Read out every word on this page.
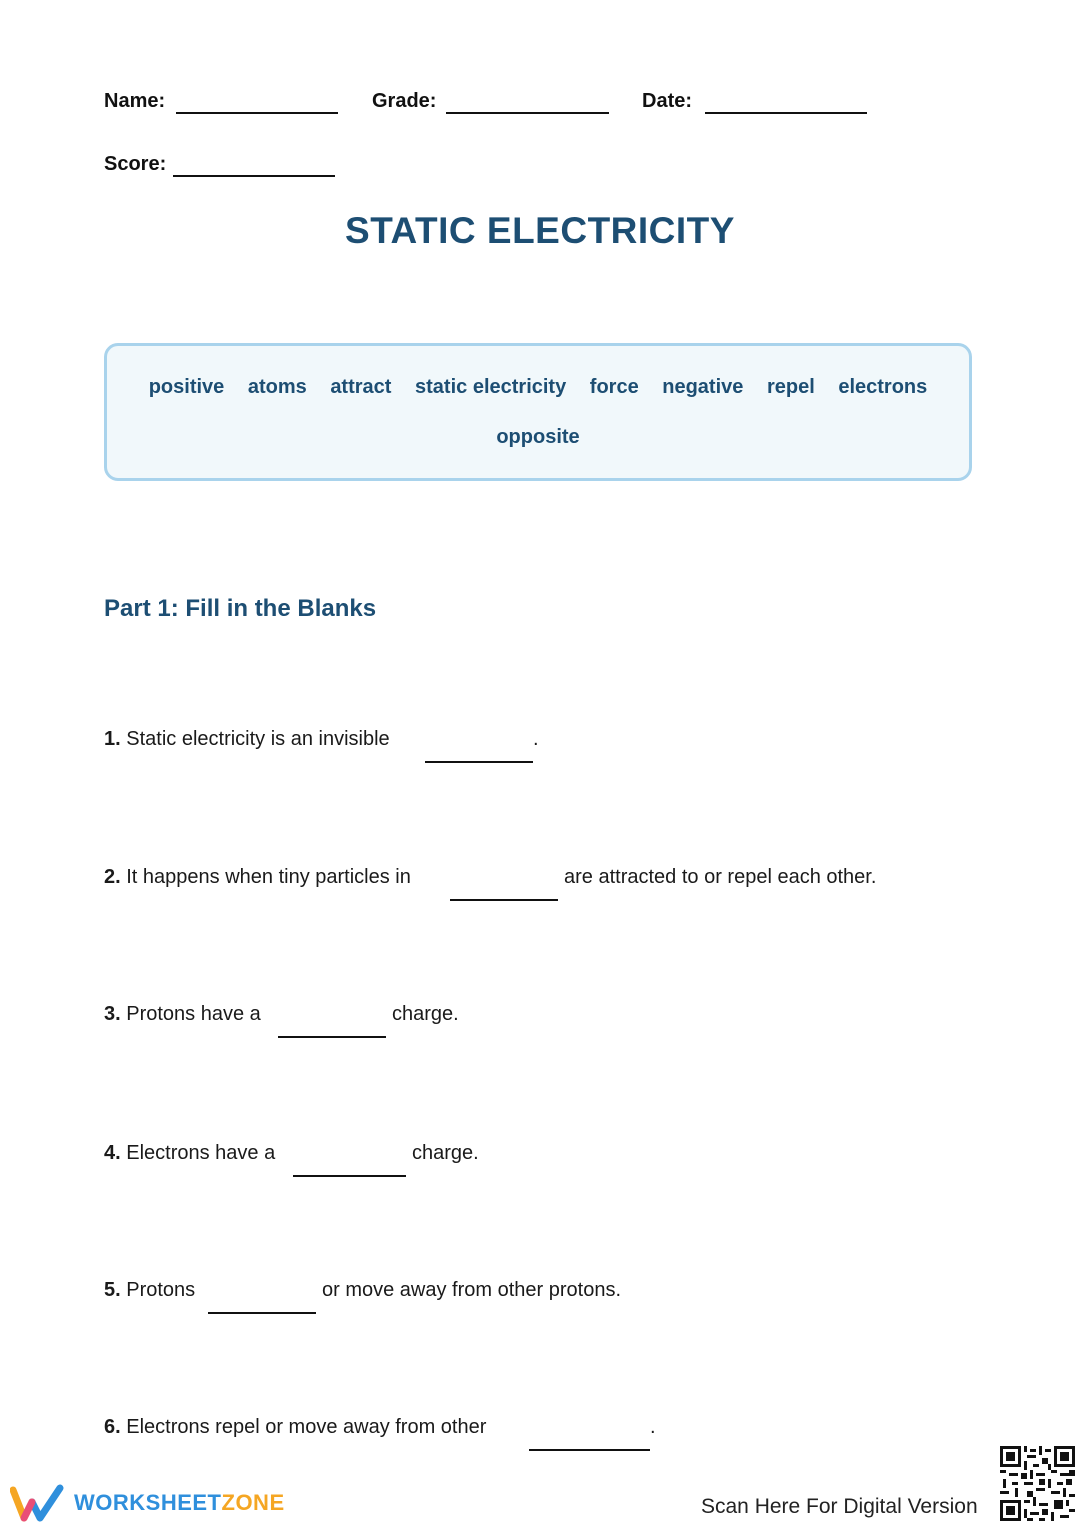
Name:	Grade:	Date:
Score:
STATIC ELECTRICITY
positive atoms attract static electricity force negative repel electrons
opposite
Part 1: Fill in the Blanks
1. Static electricity is an invisible	.
2. It happens when tiny particles in	are attracted to or repel each other.
3. Protons have a	charge.
4. Electrons have a	charge.
5. Protons	or move away from other protons.
6. Electrons repel or move away from other	.
WORKSHEETZONE	Scan Here For Digital Version
